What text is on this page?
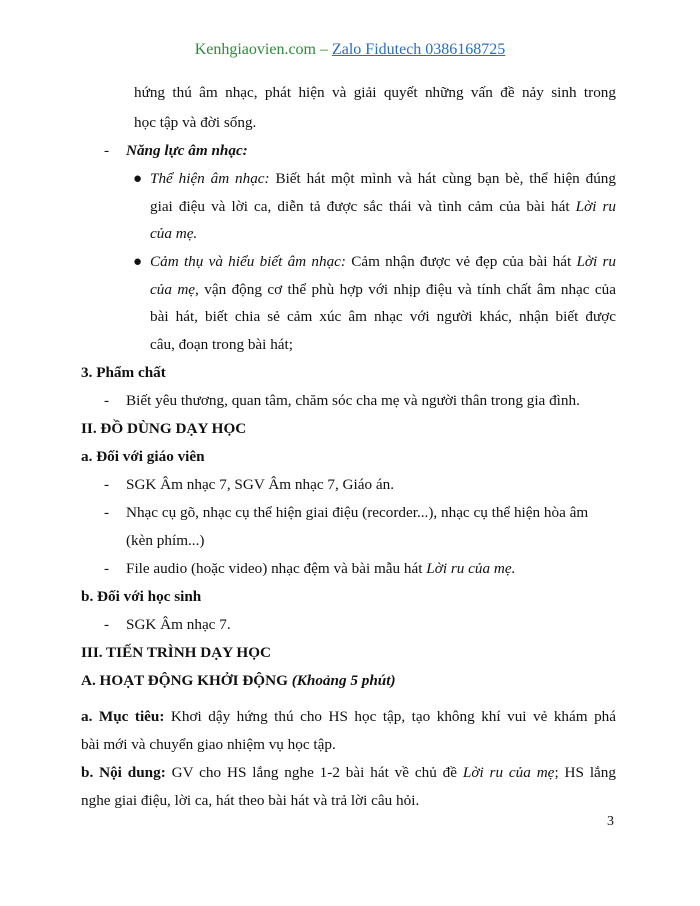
Kenhgiaovien.com – Zalo Fidutech 0386168725
hứng thú âm nhạc, phát hiện và giải quyết những vấn đề nảy sinh trong
học tập và đời sống.
- Năng lực âm nhạc:
● Thể hiện âm nhạc: Biết hát một mình và hát cùng bạn bè, thể hiện đúng
giai điệu và lời ca, diễn tả được sắc thái và tình cảm của bài hát Lời ru
của mẹ.
● Cảm thụ và hiểu biết âm nhạc: Cảm nhận được vẻ đẹp của bài hát Lời ru
của mẹ, vận động cơ thể phù hợp với nhịp điệu và tính chất âm nhạc của
bài hát, biết chia sẻ cảm xúc âm nhạc với người khác, nhận biết được
câu, đoạn trong bài hát;
3. Phẩm chất
- Biết yêu thương, quan tâm, chăm sóc cha mẹ và người thân trong gia đình.
II. ĐỒ DÙNG DẠY HỌC
a. Đối với giáo viên
- SGK Âm nhạc 7, SGV Âm nhạc 7, Giáo án.
- Nhạc cụ gõ, nhạc cụ thể hiện giai điệu (recorder...), nhạc cụ thể hiện hòa âm
(kèn phím...)
- File audio (hoặc video) nhạc đệm và bài mẫu hát Lời ru của mẹ.
b. Đối với học sinh
- SGK Âm nhạc 7.
III. TIẾN TRÌNH DẠY HỌC
A. HOẠT ĐỘNG KHỞI ĐỘNG (Khoảng 5 phút)
a. Mục tiêu: Khơi dậy hứng thú cho HS học tập, tạo không khí vui vẻ khám phá
bài mới và chuyển giao nhiệm vụ học tập.
b. Nội dung: GV cho HS lắng nghe 1-2 bài hát về chủ đề Lời ru của mẹ; HS lắng
nghe giai điệu, lời ca, hát theo bài hát và trả lời câu hỏi.
3
